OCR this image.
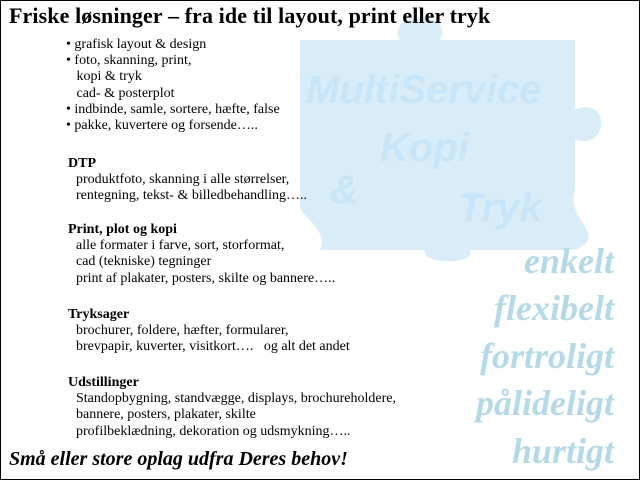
Friske løsninger – fra ide til layout, print eller tryk
MultiService
Kopi
& Tryk
• grafisk layout & design
• foto, skanning, print,
kopi & tryk
cad- & posterplot
• indbinde, samle, sortere, hæfte, false
• pakke, kuvertere og forsende…..
DTP
produktfoto, skanning i alle størrelser,
rentegning, tekst- & billedbehandling…..
Print, plot og kopi
alle formater i farve, sort, storformat,
cad (tekniske) tegninger
print af plakater, posters, skilte og bannere…..
Tryksager
brochurer, foldere, hæfter, formularer,
brevpapir, kuverter, visitkort….   og alt det andet
Udstillinger
Standopbygning, standvægge, displays, brochureholdere,
bannere, posters, plakater, skilte
profilbeklædning, dekoration og udsmykning…..
enkelt
flexibelt
fortroligt
pålideligt
hurtigt
Små eller store oplag udfra Deres behov!
